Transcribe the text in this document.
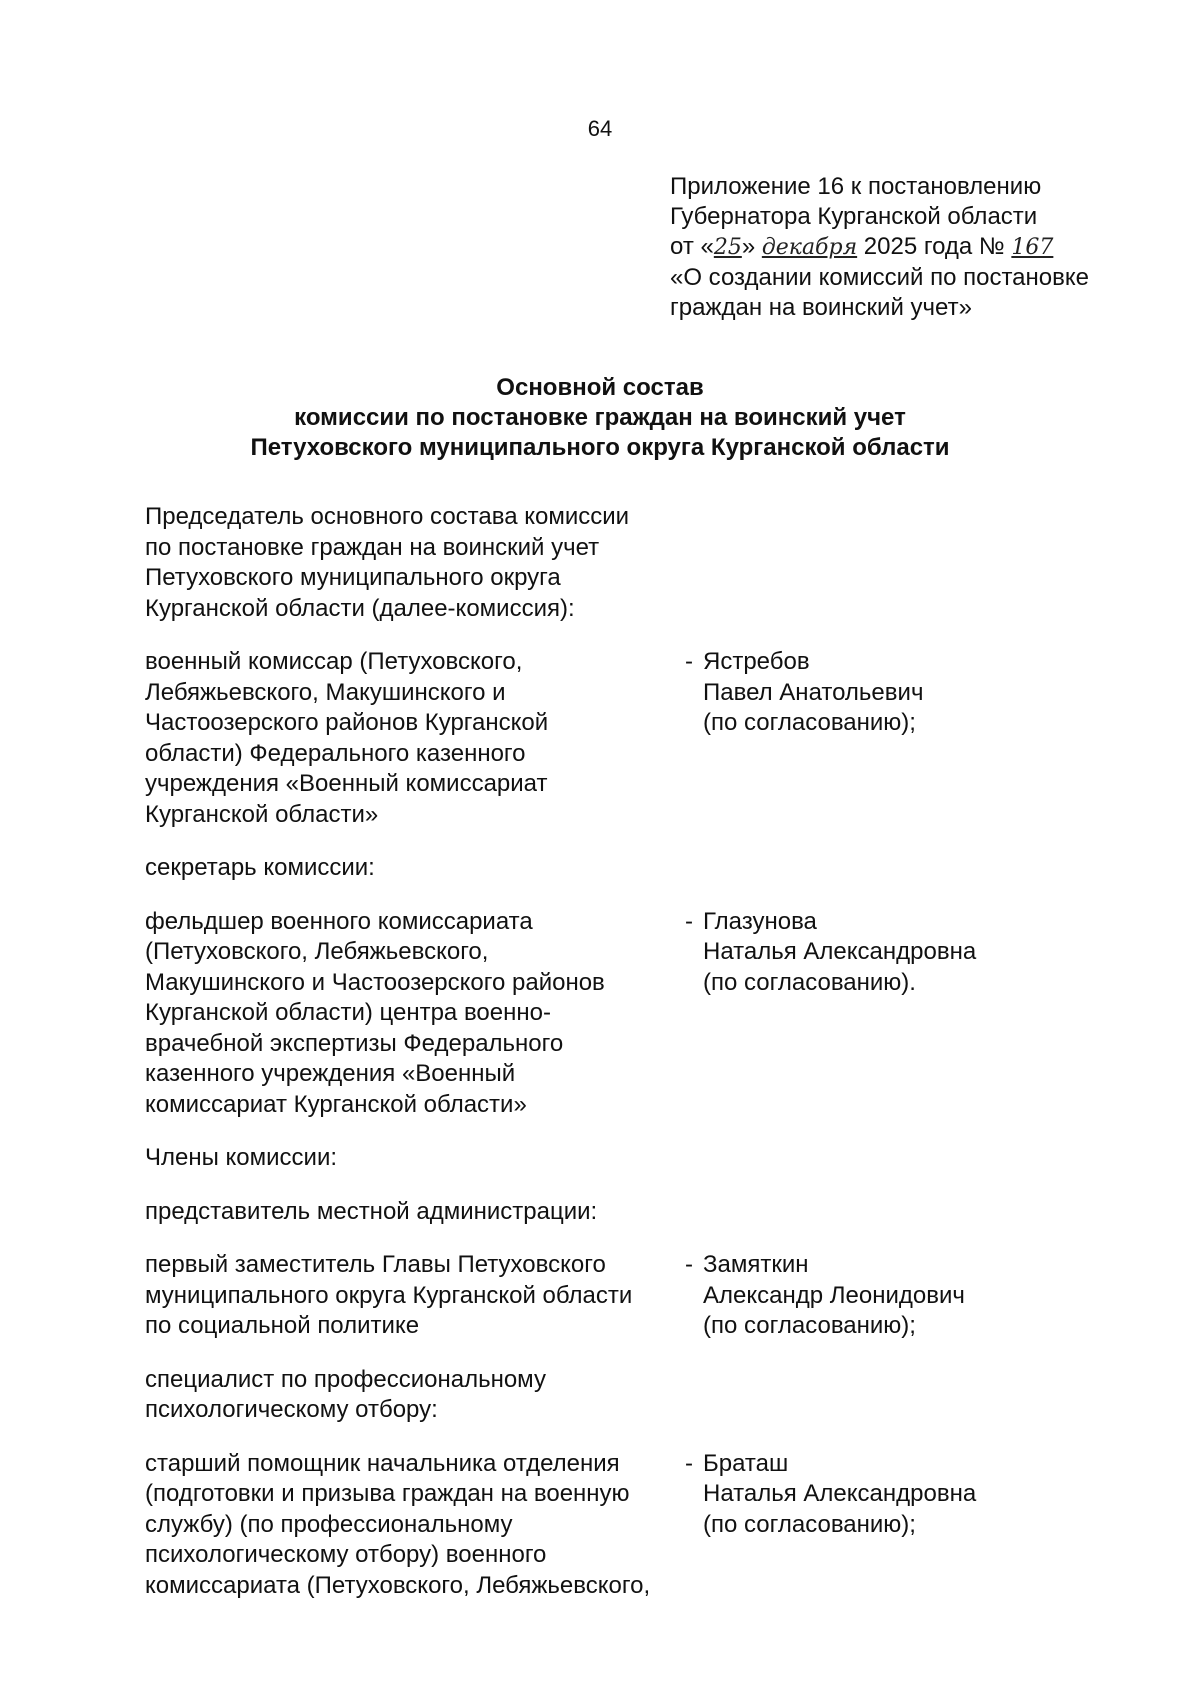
64
Приложение 16 к постановлению
Губернатора Курганской области
от «25» декабря 2025 года № 167
«О создании комиссий по постановке
граждан на воинский учет»
Основной состав
комиссии по постановке граждан на воинский учет
Петуховского муниципального округа Курганской области
Председатель основного состава комиссии
по постановке граждан на воинский учет
Петуховского муниципального округа
Курганской области (далее-комиссия):
военный комиссар (Петуховского,
Лебяжьевского, Макушинского и
Частоозерского районов Курганской
области) Федерального казенного
учреждения «Военный комиссариат
Курганской области»
- Ястребов
Павел Анатольевич
(по согласованию);
секретарь комиссии:
фельдшер военного комиссариата
(Петуховского, Лебяжьевского,
Макушинского и Частоозерского районов
Курганской области) центра военно-
врачебной экспертизы Федерального
казенного учреждения «Военный
комиссариат Курганской области»
- Глазунова
Наталья Александровна
(по согласованию).
Члены комиссии:
представитель местной администрации:
первый заместитель Главы Петуховского
муниципального округа Курганской области
по социальной политике
- Замяткин
Александр Леонидович
(по согласованию);
специалист по профессиональному
психологическому отбору:
старший помощник начальника отделения
(подготовки и призыва граждан на военную
службу) (по профессиональному
психологическому отбору) военного
комиссариата (Петуховского, Лебяжьевского,
- Браташ
Наталья Александровна
(по согласованию);
